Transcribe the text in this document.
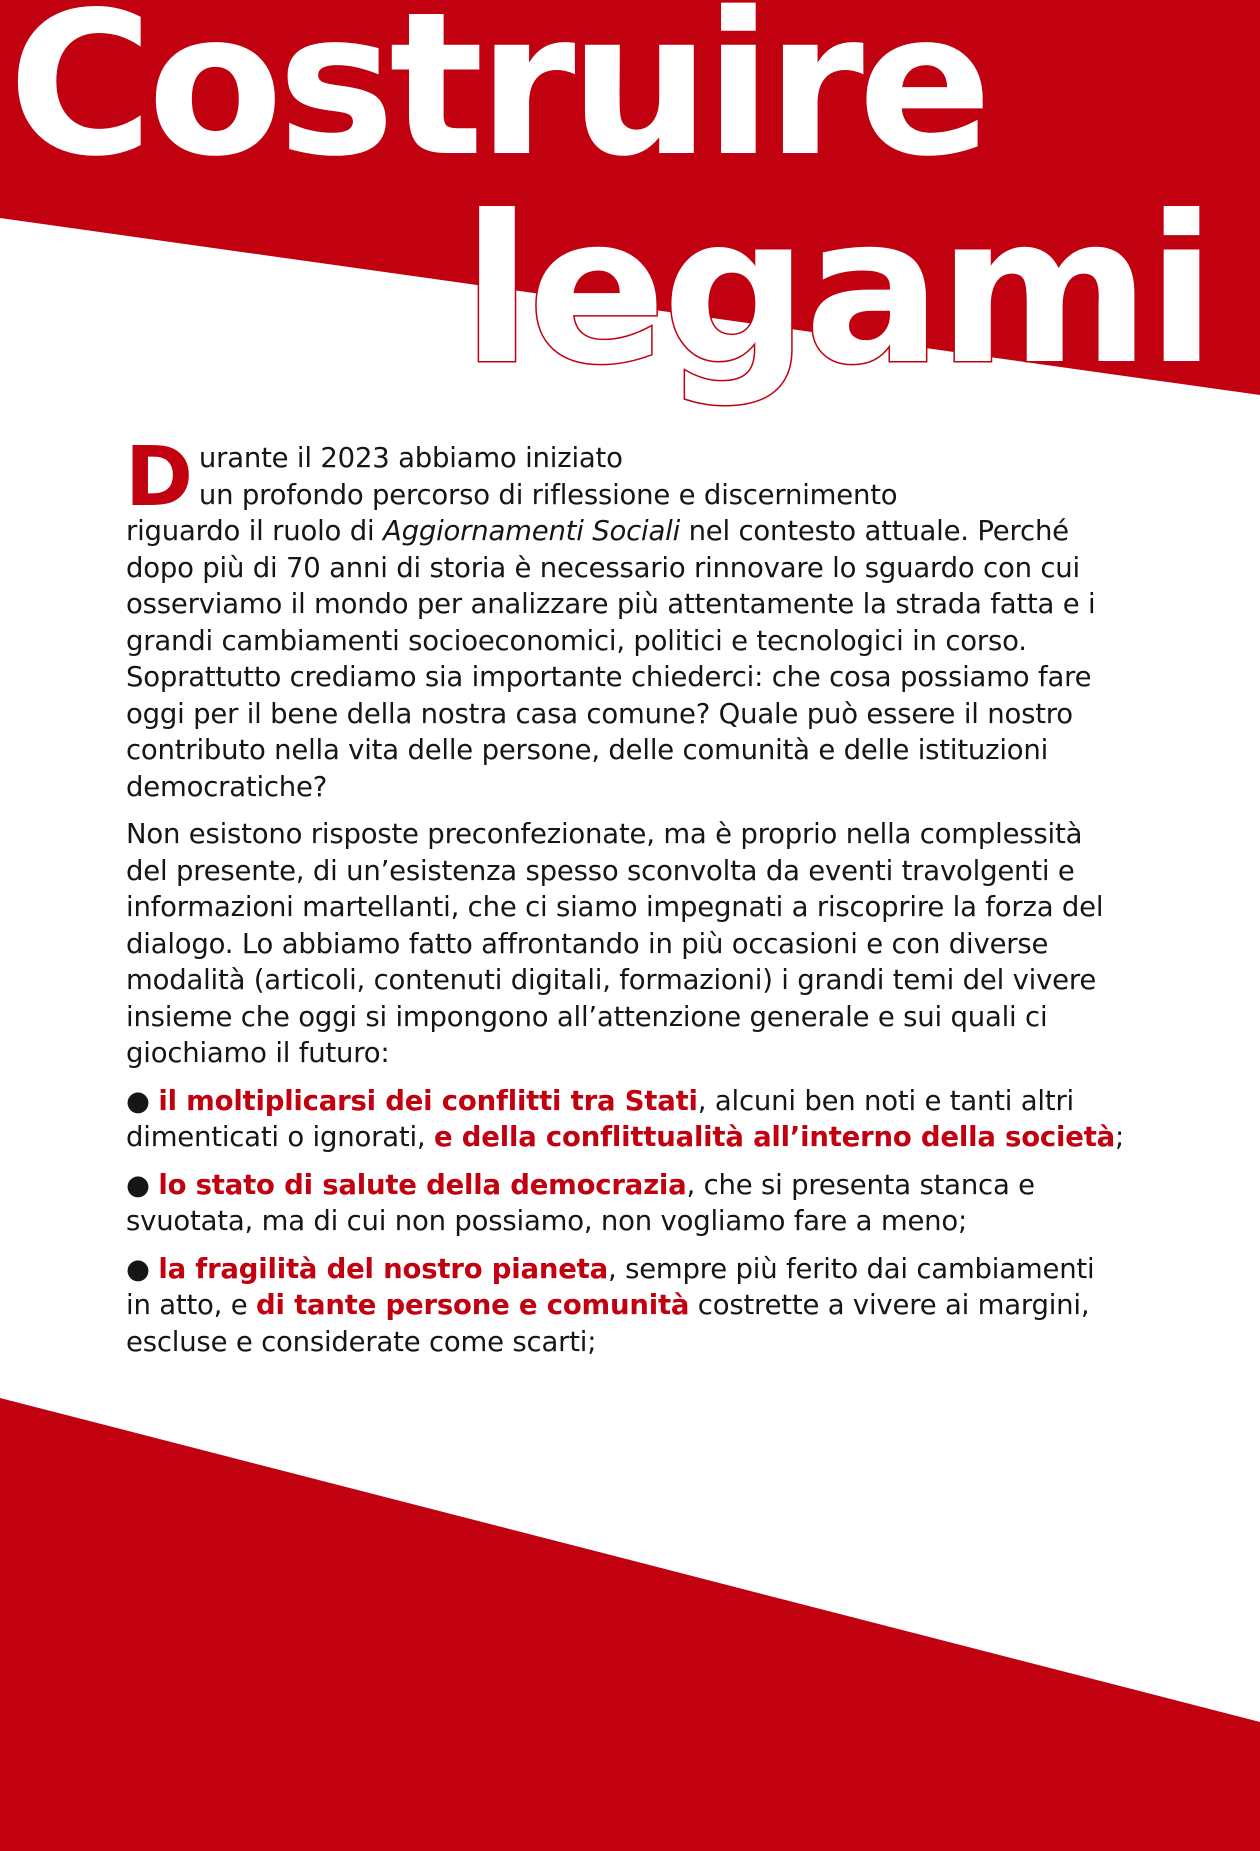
Costruire
legami

D urante il 2023 abbiamo iniziato
un profondo percorso di riflessione e discernimento
riguardo il ruolo di Aggiornamenti Sociali nel contesto attuale. Perché dopo più di 70 anni di storia è necessario rinnovare lo sguardo con cui osserviamo il mondo per analizzare più attentamente la strada fatta e i grandi cambiamenti socioeconomici, politici e tecnologici in corso. Soprattutto crediamo sia importante chiederci: che cosa possiamo fare oggi per il bene della nostra casa comune? Quale può essere il nostro contributo nella vita delle persone, delle comunità e delle istituzioni democratiche?

Non esistono risposte preconfezionate, ma è proprio nella complessità del presente, di un’esistenza spesso sconvolta da eventi travolgenti e informazioni martellanti, che ci siamo impegnati a riscoprire la forza del dialogo. Lo abbiamo fatto affrontando in più occasioni e con diverse modalità (articoli, contenuti digitali, formazioni) i grandi temi del vivere insieme che oggi si impongono all’attenzione generale e sui quali ci giochiamo il futuro:

● il moltiplicarsi dei conflitti tra Stati, alcuni ben noti e tanti altri dimenticati o ignorati, e della conflittualità all’interno della società;

● lo stato di salute della democrazia, che si presenta stanca e svuotata, ma di cui non possiamo, non vogliamo fare a meno;

● la fragilità del nostro pianeta, sempre più ferito dai cambiamenti in atto, e di tante persone e comunità costrette a vivere ai margini, escluse e considerate come scarti;
